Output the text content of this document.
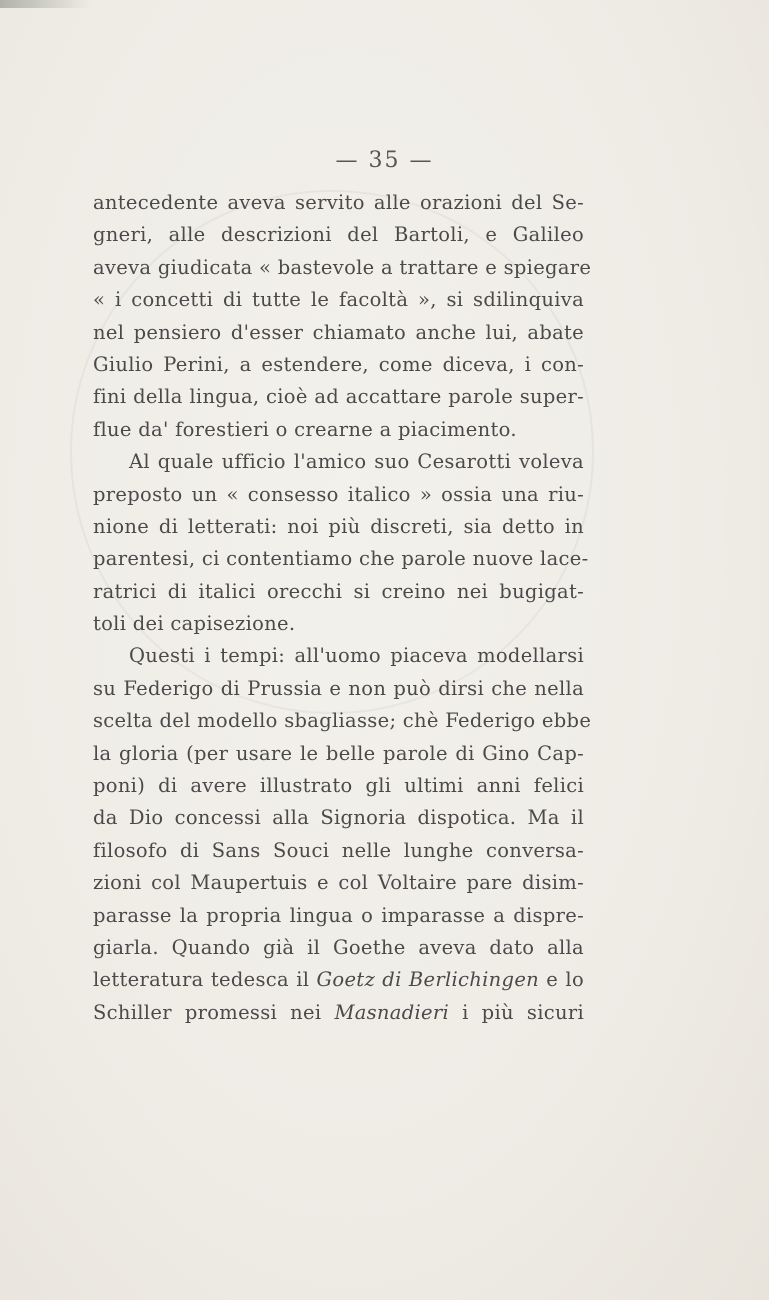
— 35 —
antecedente aveva servito alle orazioni del Se-
gneri, alle descrizioni del Bartoli, e Galileo
aveva giudicata « bastevole a trattare e spiegare
« i concetti di tutte le facoltà », si sdilinquiva
nel pensiero d'esser chiamato anche lui, abate
Giulio Perini, a estendere, come diceva, i con-
fini della lingua, cioè ad accattare parole super-
flue da' forestieri o crearne a piacimento.
Al quale ufficio l'amico suo Cesarotti voleva
preposto un « consesso italico » ossia una riu-
nione di letterati: noi più discreti, sia detto in
parentesi, ci contentiamo che parole nuove lace-
ratrici di italici orecchi si creino nei bugigat-
toli dei capisezione.
Questi i tempi: all'uomo piaceva modellarsi
su Federigo di Prussia e non può dirsi che nella
scelta del modello sbagliasse; chè Federigo ebbe
la gloria (per usare le belle parole di Gino Cap-
poni) di avere illustrato gli ultimi anni felici
da Dio concessi alla Signoria dispotica. Ma il
filosofo di Sans Souci nelle lunghe conversa-
zioni col Maupertuis e col Voltaire pare disim-
parasse la propria lingua o imparasse a dispre-
giarla. Quando già il Goethe aveva dato alla
letteratura tedesca il Goetz di Berlichingen e lo
Schiller promessi nei Masnadieri i più sicuri
